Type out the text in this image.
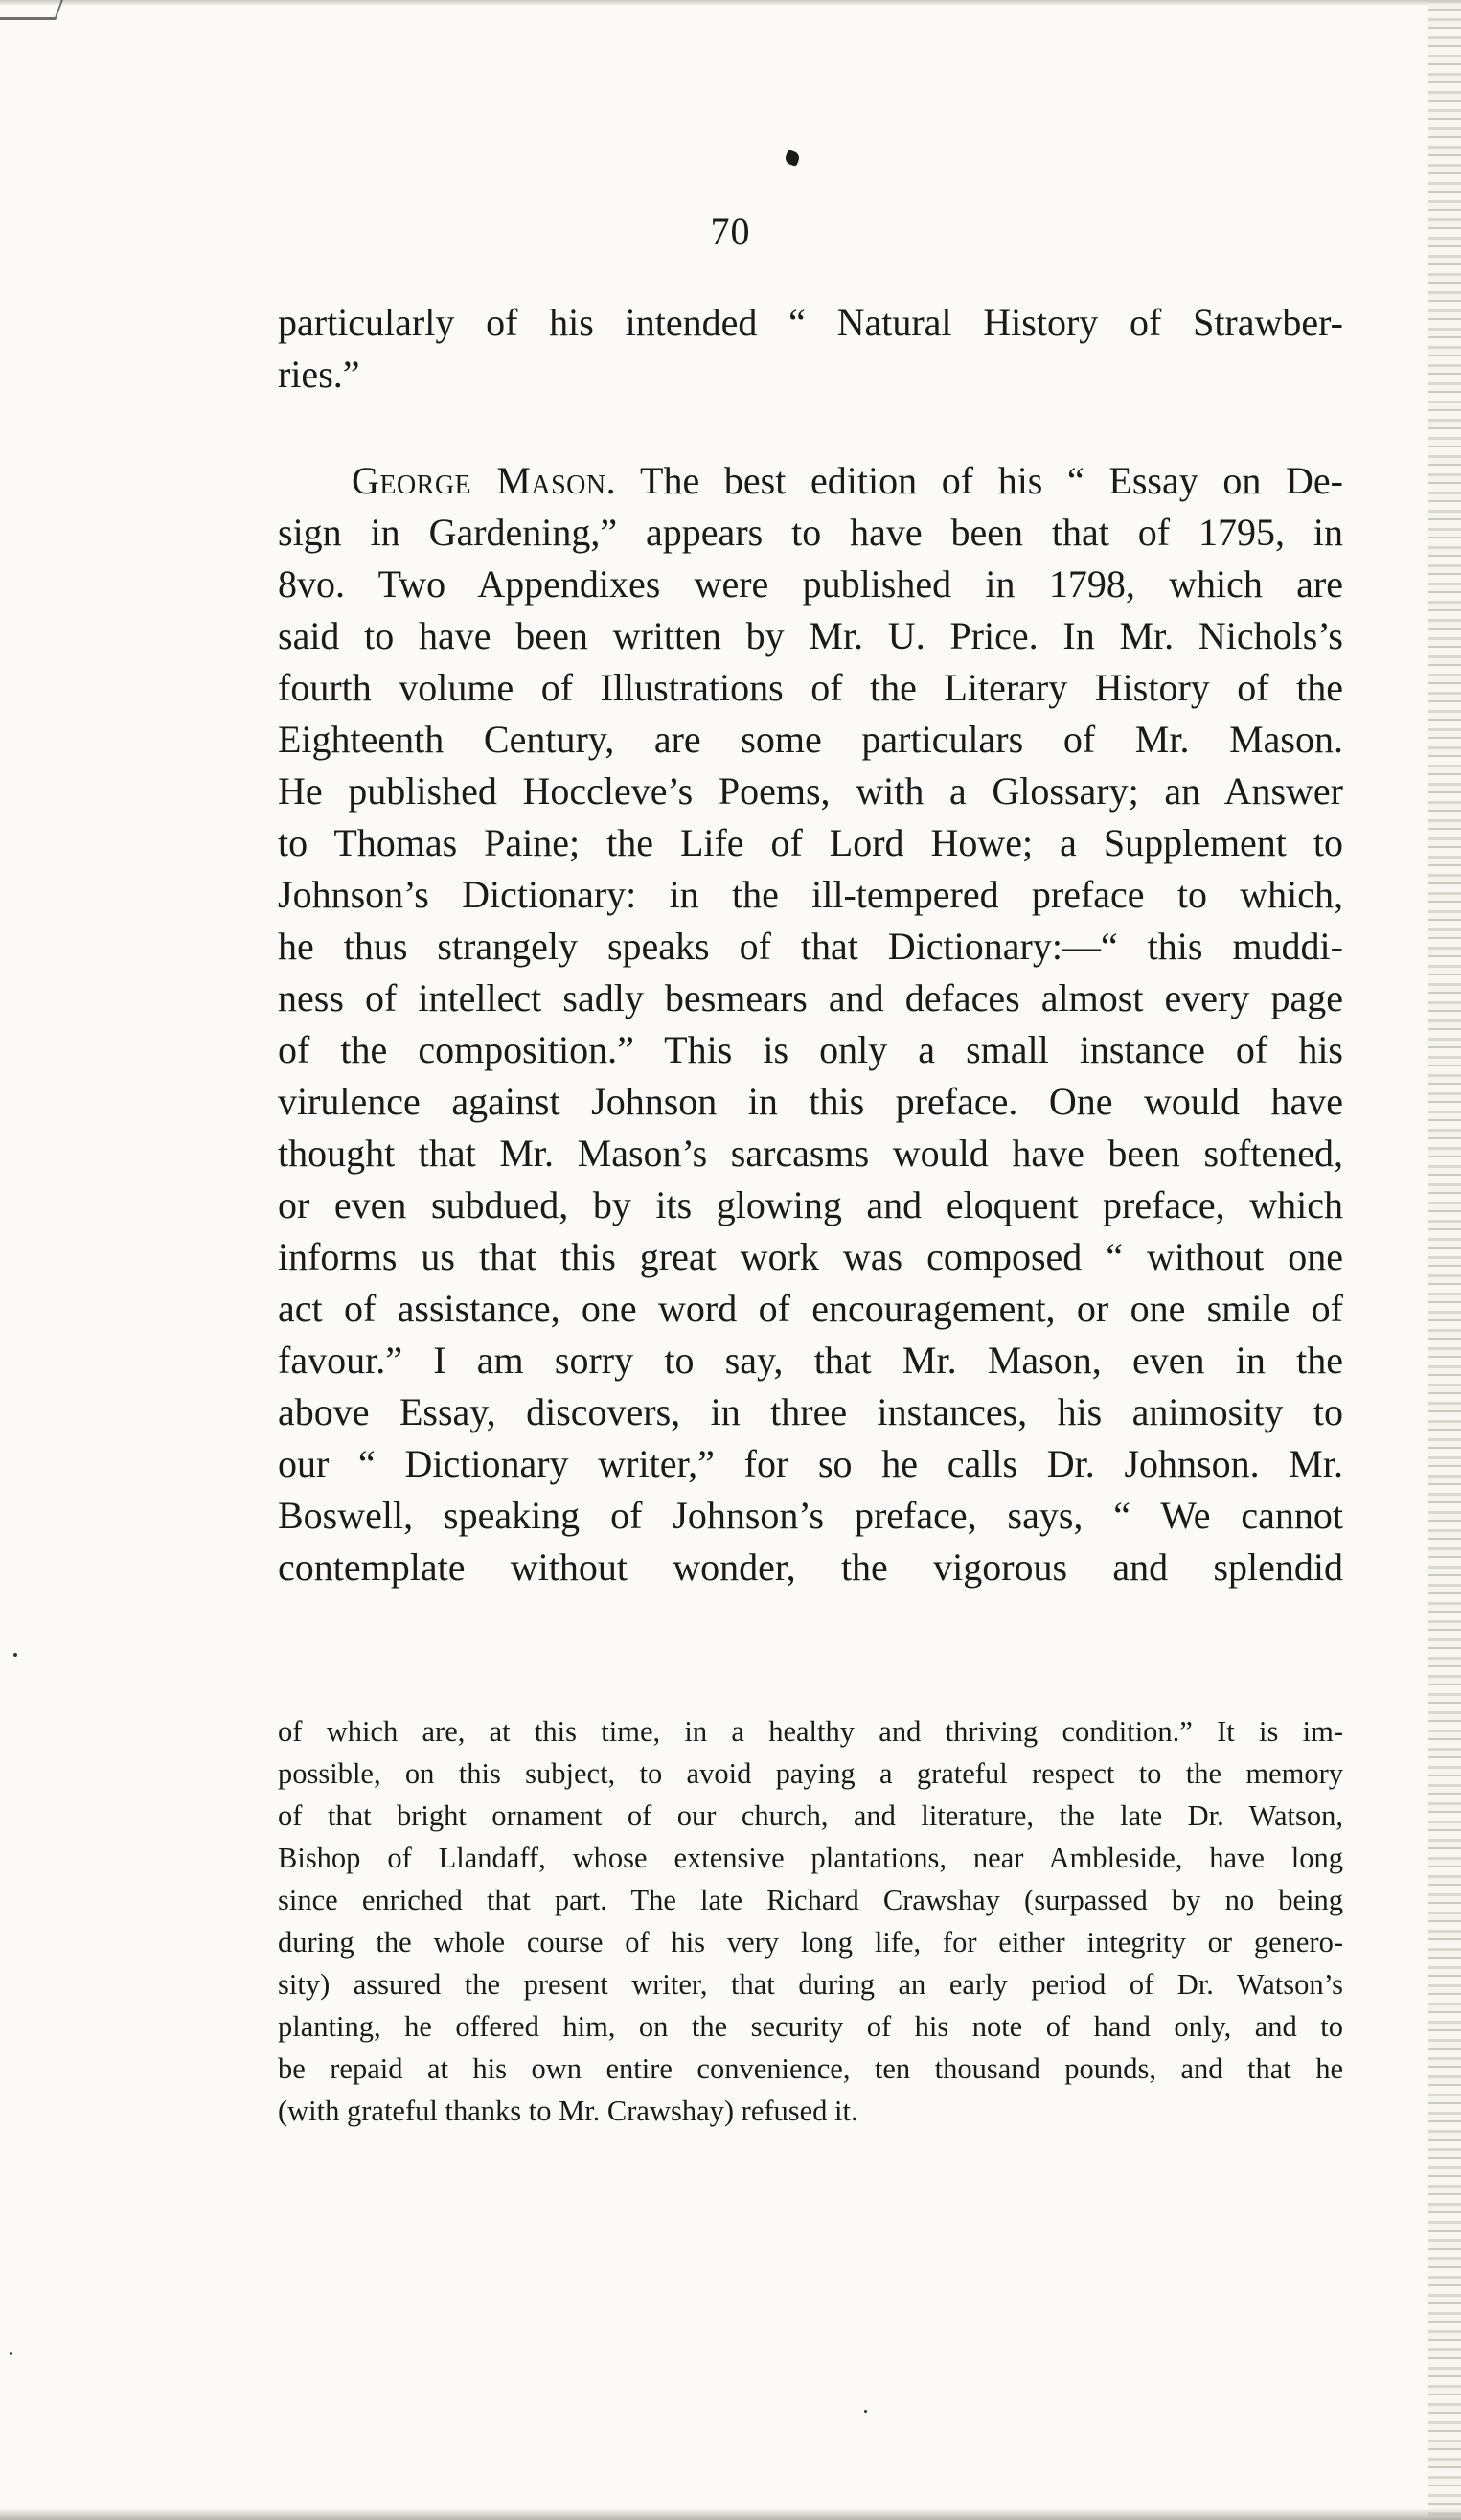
70
particularly of his intended “ Natural History of Strawber-
ries.”
George Mason. The best edition of his “ Essay on De-
sign in Gardening,” appears to have been that of 1795, in
8vo. Two Appendixes were published in 1798, which are
said to have been written by Mr. U. Price. In Mr. Nichols’s
fourth volume of Illustrations of the Literary History of the
Eighteenth Century, are some particulars of Mr. Mason.
He published Hoccleve’s Poems, with a Glossary; an Answer
to Thomas Paine; the Life of Lord Howe; a Supplement to
Johnson’s Dictionary: in the ill-tempered preface to which,
he thus strangely speaks of that Dictionary:—“ this muddi-
ness of intellect sadly besmears and defaces almost every page
of the composition.” This is only a small instance of his
virulence against Johnson in this preface. One would have
thought that Mr. Mason’s sarcasms would have been softened,
or even subdued, by its glowing and eloquent preface, which
informs us that this great work was composed “ without one
act of assistance, one word of encouragement, or one smile of
favour.” I am sorry to say, that Mr. Mason, even in the
above Essay, discovers, in three instances, his animosity to
our “ Dictionary writer,” for so he calls Dr. Johnson. Mr.
Boswell, speaking of Johnson’s preface, says, “ We cannot
contemplate without wonder, the vigorous and splendid
of which are, at this time, in a healthy and thriving condition.” It is im-
possible, on this subject, to avoid paying a grateful respect to the memory
of that bright ornament of our church, and literature, the late Dr. Watson,
Bishop of Llandaff, whose extensive plantations, near Ambleside, have long
since enriched that part. The late Richard Crawshay (surpassed by no being
during the whole course of his very long life, for either integrity or genero-
sity) assured the present writer, that during an early period of Dr. Watson’s
planting, he offered him, on the security of his note of hand only, and to
be repaid at his own entire convenience, ten thousand pounds, and that he
(with grateful thanks to Mr. Crawshay) refused it.
